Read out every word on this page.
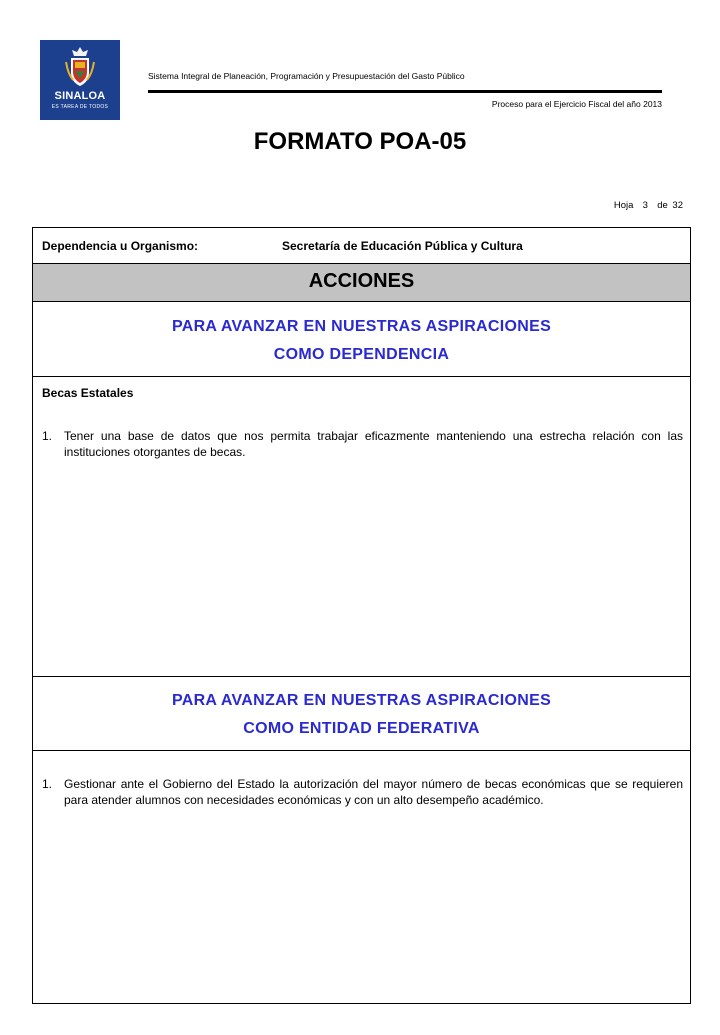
SINALOA
ES TAREA DE TODOS
Sistema Integral de Planeación, Programación y Presupuestación del Gasto Público
Proceso para el Ejercicio Fiscal del año 2013
FORMATO POA-05
Hoja  3  de 32
Dependencia u Organismo:	Secretaría de Educación Pública y Cultura
ACCIONES
PARA AVANZAR EN NUESTRAS ASPIRACIONES
COMO DEPENDENCIA
Becas Estatales
1. Tener una base de datos que nos permita trabajar eficazmente manteniendo una estrecha relación con las instituciones otorgantes de becas.
PARA AVANZAR EN NUESTRAS ASPIRACIONES
COMO ENTIDAD FEDERATIVA
1. Gestionar ante el Gobierno del Estado la autorización del mayor número de becas económicas que se requieren para atender alumnos con necesidades económicas y con un alto desempeño académico.
